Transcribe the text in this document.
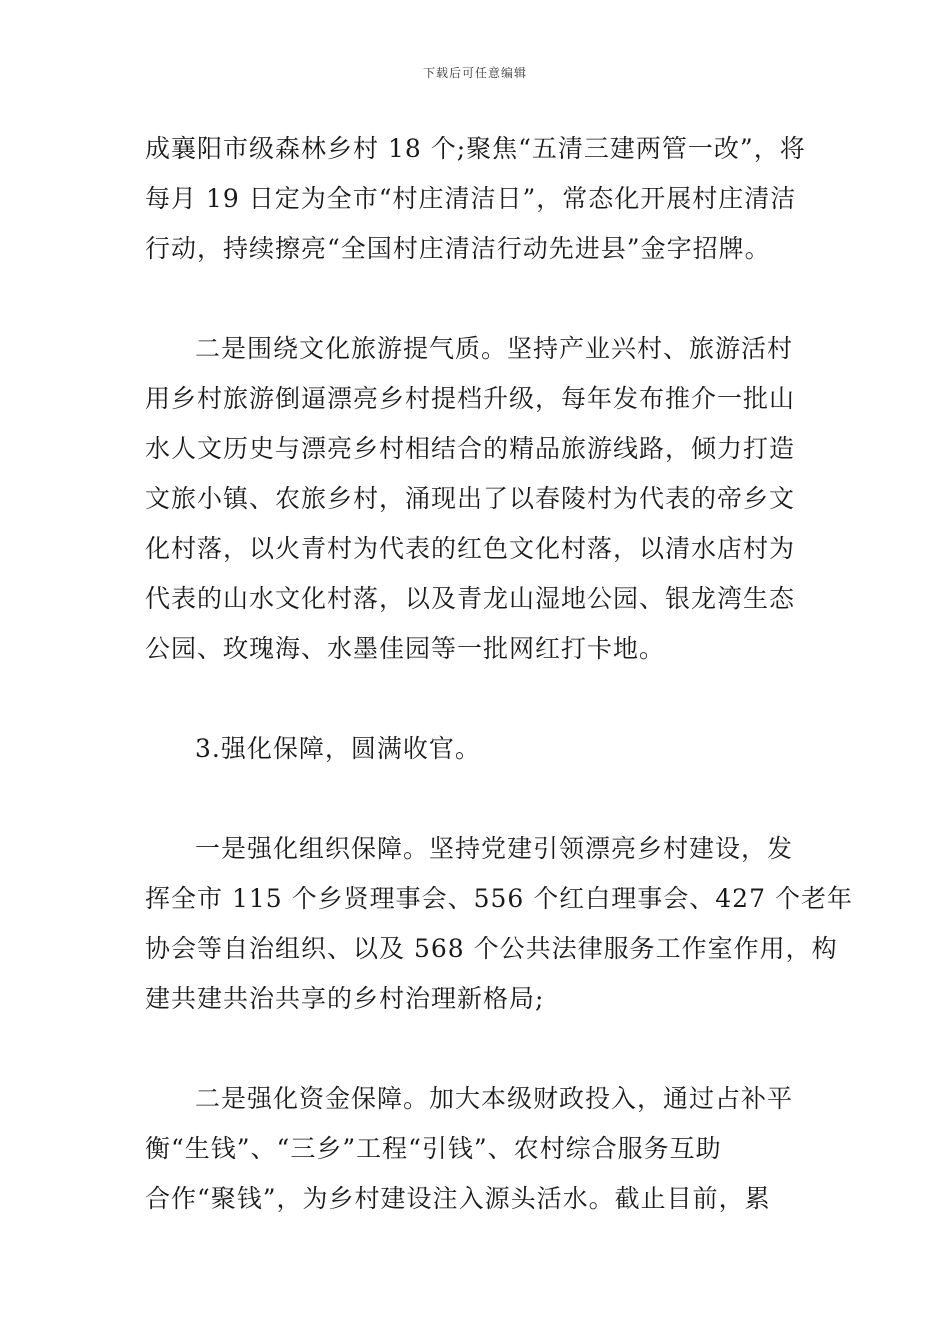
下载后可任意编辑

成襄阳市级森林乡村 18 个;聚焦“五清三建两管一改”，将
每月 19 日定为全市“村庄清洁日”，常态化开展村庄清洁
行动，持续擦亮“全国村庄清洁行动先进县”金字招牌。

二是围绕文化旅游提气质。坚持产业兴村、旅游活村
用乡村旅游倒逼漂亮乡村提档升级，每年发布推介一批山
水人文历史与漂亮乡村相结合的精品旅游线路，倾力打造
文旅小镇、农旅乡村，涌现出了以春陵村为代表的帝乡文
化村落，以火青村为代表的红色文化村落，以清水店村为
代表的山水文化村落，以及青龙山湿地公园、银龙湾生态
公园、玫瑰海、水墨佳园等一批网红打卡地。

3.强化保障，圆满收官。

一是强化组织保障。坚持党建引领漂亮乡村建设，发
挥全市 115 个乡贤理事会、556 个红白理事会、427 个老年
协会等自治组织、以及 568 个公共法律服务工作室作用，构
建共建共治共享的乡村治理新格局;

二是强化资金保障。加大本级财政投入，通过占补平
衡“生钱”、“三乡”工程“引钱”、农村综合服务互助
合作“聚钱”，为乡村建设注入源头活水。截止目前，累
